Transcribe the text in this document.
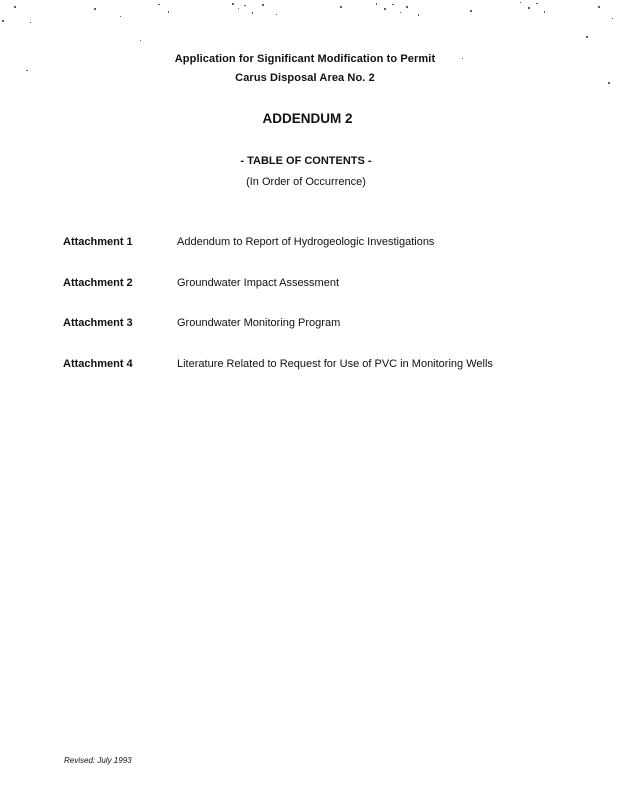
Application for Significant Modification to Permit
Carus Disposal Area No. 2
ADDENDUM 2
- TABLE OF CONTENTS -
(In Order of Occurrence)
Attachment 1	Addendum to Report of Hydrogeologic Investigations
Attachment 2	Groundwater Impact Assessment
Attachment 3	Groundwater Monitoring Program
Attachment 4	Literature Related to Request for Use of PVC in Monitoring Wells
Revised: July 1993
